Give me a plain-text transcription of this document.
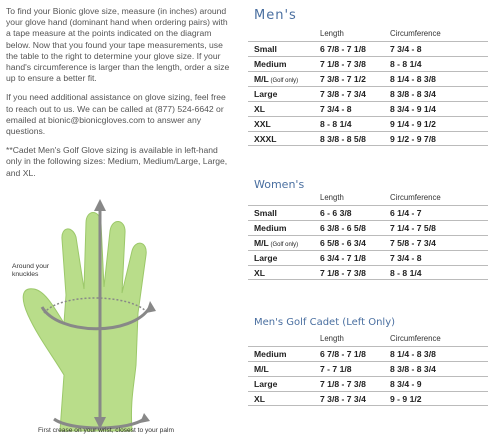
To find your Bionic glove size, measure (in inches) around your glove hand (dominant hand when ordering pairs) with a tape measure at the points indicated on the diagram below. Now that you found your tape measurements, use the table to the right to determine your glove size. If your hand's circumference is larger than the length, order a size up to ensure a better fit.

If you need additional assistance on glove sizing, feel free to reach out to us. We can be called at (877) 524-6642 or emailed at bionic@bionicgloves.com to answer any questions.

**Cadet Men's Golf Glove sizing is available in left-hand only in the following sizes: Medium, Medium/Large, Large, and XL.

Around your knuckles
First crease on your wrist, closest to your palm
Men's
Length	Circumference
Small	6 7/8 - 7 1/8	7 3/4 - 8
Medium	7 1/8 - 7 3/8	8 - 8 1/4
M/L (Golf only)	7 3/8 - 7 1/2	8 1/4 - 8 3/8
Large	7 3/8 - 7 3/4	8 3/8 - 8 3/4
XL	7 3/4 - 8	8 3/4 - 9 1/4
XXL	8 - 8 1/4	9 1/4 - 9 1/2
XXXL	8 3/8 - 8 5/8	9 1/2 - 9 7/8
Women's
Length	Circumference
Small	6 - 6 3/8	6 1/4 - 7
Medium	6 3/8 - 6 5/8	7 1/4 - 7 5/8
M/L (Golf only)	6 5/8 - 6 3/4	7 5/8 - 7 3/4
Large	6 3/4 - 7 1/8	7 3/4 - 8
XL	7 1/8 - 7 3/8	8 - 8 1/4
Men's Golf Cadet (Left Only)
Length	Circumference
Medium	6 7/8 - 7 1/8	8 1/4 - 8 3/8
M/L	7 - 7 1/8	8 3/8 - 8 3/4
Large	7 1/8 - 7 3/8	8 3/4 - 9
XL	7 3/8 - 7 3/4	9 - 9 1/2
